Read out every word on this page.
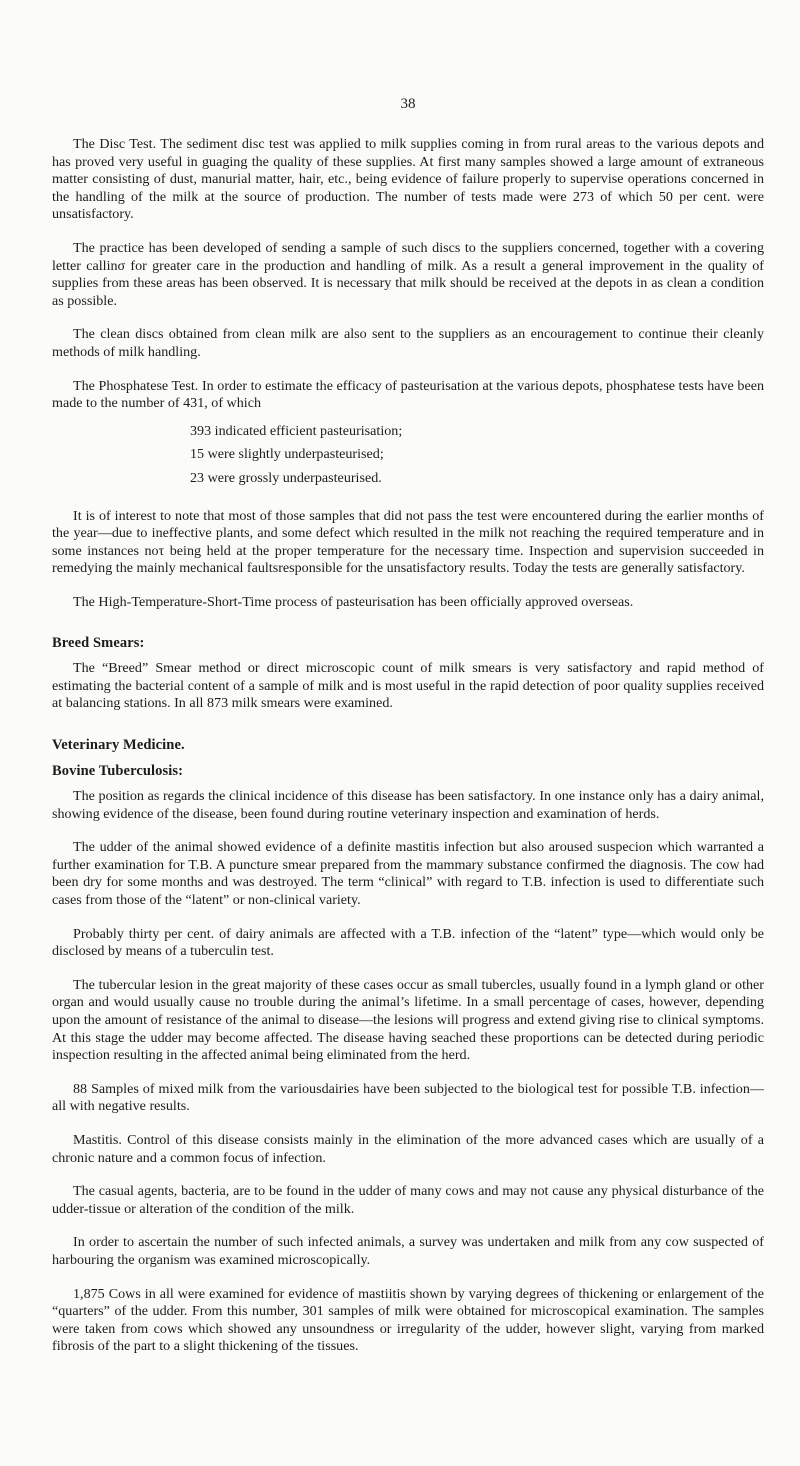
38

The Disc Test. The sediment disc test was applied to milk supplies coming in from rural areas to the various depots and has proved very useful in guaging the quality of these supplies. At first many samples showed a large amount of extraneous matter consisting of dust, manurial matter, hair, etc., being evidence of failure properly to supervise operations concerned in the handling of the milk at the source of production. The number of tests made were 273 of which 50 per cent. were unsatisfactory.

The practice has been developed of sending a sample of such discs to the suppliers concerned, together with a covering letter callinσ for greater care in the production and handling of milk. As a result a general improvement in the quality of supplies from these areas has been observed. It is necessary that milk should be received at the depots in as clean a condition as possible.

The clean discs obtained from clean milk are also sent to the suppliers as an encouragement to continue their cleanly methods of milk handling.

The Phosphatese Test. In order to estimate the efficacy of pasteurisation at the various depots, phosphatese tests have been made to the number of 431, of which

393 indicated efficient pasteurisation;
15 were slightly underpasteurised;
23 were grossly underpasteurised.

It is of interest to note that most of those samples that did not pass the test were encountered during the earlier months of the year—due to ineffective plants, and some defect which resulted in the milk not reaching the required temperature and in some instances noτ being held at the proper temperature for the necessary time. Inspection and supervision succeeded in remedying the mainly mechanical faultsresponsible for the unsatisfactory results. Today the tests are generally satisfactory.

The High-Temperature-Short-Time process of pasteurisation has been officially approved overseas.

Breed Smears:

The “Breed” Smear method or direct microscopic count of milk smears is very satisfactory and rapid method of estimating the bacterial content of a sample of milk and is most useful in the rapid detection of poor quality supplies received at balancing stations. In all 873 milk smears were examined.

Veterinary Medicine.
Bovine Tuberculosis:

The position as regards the clinical incidence of this disease has been satisfactory. In one instance only has a dairy animal, showing evidence of the disease, been found during routine veterinary inspection and examination of herds.

The udder of the animal showed evidence of a definite mastitis infection but also aroused suspecion which warranted a further examination for T.B. A puncture smear prepared from the mammary substance confirmed the diagnosis. The cow had been dry for some months and was destroyed. The term “clinical” with regard to T.B. infection is used to differentiate such cases from those of the “latent” or non-clinical variety.

Probably thirty per cent. of dairy animals are affected with a T.B. infection of the “latent” type—which would only be disclosed by means of a tuberculin test.

The tubercular lesion in the great majority of these cases occur as small tubercles, usually found in a lymph gland or other organ and would usually cause no trouble during the animal’s lifetime. In a small percentage of cases, however, depending upon the amount of resistance of the animal to disease—the lesions will progress and extend giving rise to clinical symptoms. At this stage the udder may become affected. The disease having seached these proportions can be detected during periodic inspection resulting in the affected animal being eliminated from the herd.

88 Samples of mixed milk from the variousdairies have been subjected to the biological test for possible T.B. infection—all with negative results.

Mastitis. Control of this disease consists mainly in the elimination of the more advanced cases which are usually of a chronic nature and a common focus of infection.

The casual agents, bacteria, are to be found in the udder of many cows and may not cause any physical disturbance of the udder-tissue or alteration of the condition of the milk.

In order to ascertain the number of such infected animals, a survey was undertaken and milk from any cow suspected of harbouring the organism was examined microscopically.

1,875 Cows in all were examined for evidence of mastiitis shown by varying degrees of thickening or enlargement of the “quarters” of the udder. From this number, 301 samples of milk were obtained for microscopical examination. The samples were taken from cows which showed any unsoundness or irregularity of the udder, however slight, varying from marked fibrosis of the part to a slight thickening of the tissues.
